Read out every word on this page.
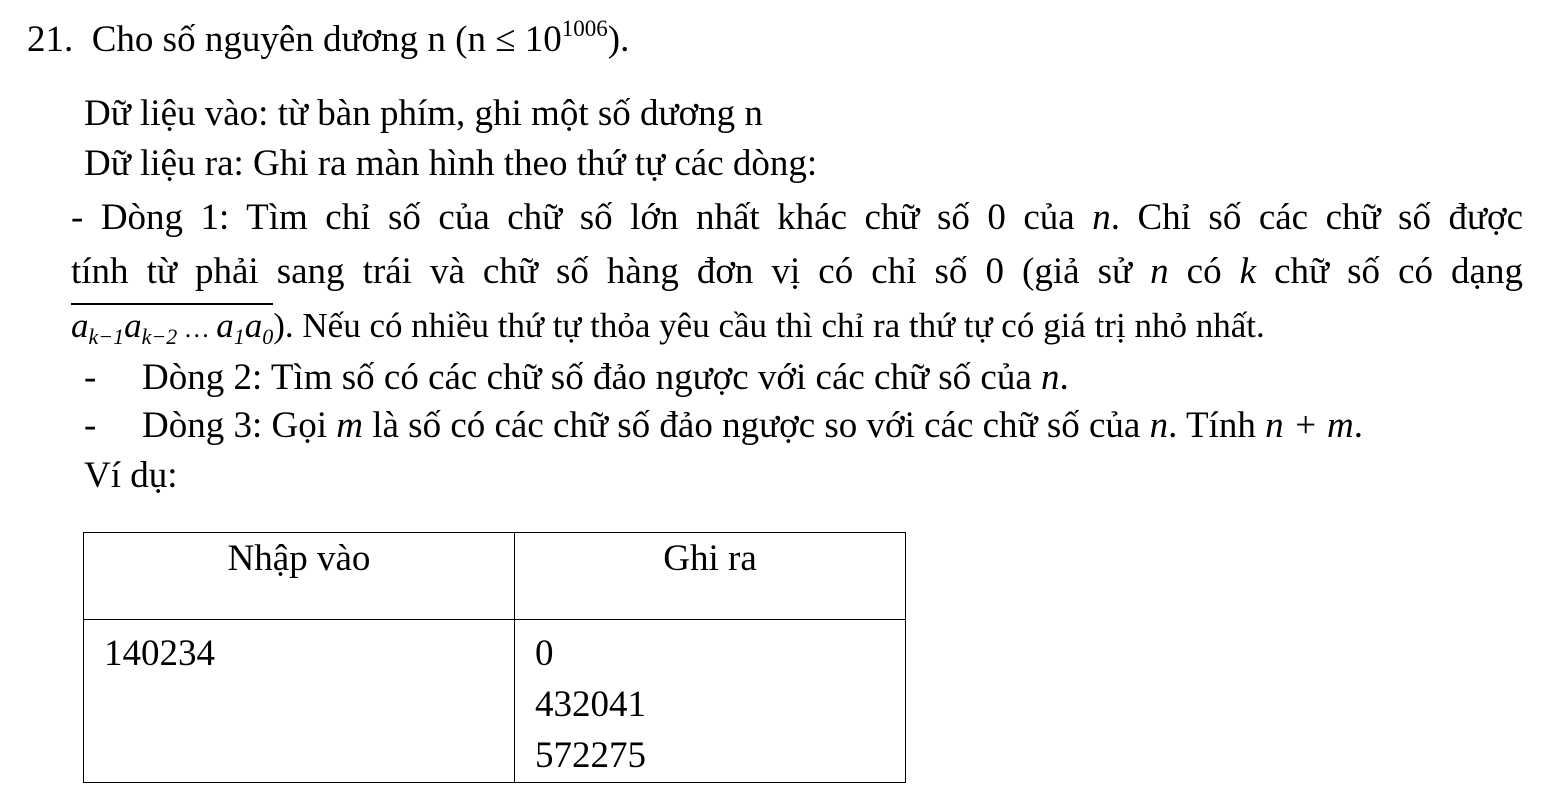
21. Cho số nguyên dương n $(n \le 10^{1006})$.
Dữ liệu vào: từ bàn phím, ghi một số dương n
Dữ liệu ra: Ghi ra màn hình theo thứ tự các dòng:
- Dòng 1: Tìm chỉ số của chữ số lớn nhất khác chữ số 0 của n. Chỉ số các chữ số được
tính từ phải sang trái và chữ số hàng đơn vị có chỉ số 0 (giả sử n có k chữ số có dạng
$a_{k-1}a_{k-2}$ … $a_1a_0$). Nếu có nhiều thứ tự thỏa yêu cầu thì chỉ ra thứ tự có giá trị nhỏ nhất.
- Dòng 2: Tìm số có các chữ số đảo ngược với các chữ số của n.
- Dòng 3: Gọi m là số có các chữ số đảo ngược so với các chữ số của n. Tính n + m.
Ví dụ:
Nhập vào	Ghi ra
140234	0
432041
572275
